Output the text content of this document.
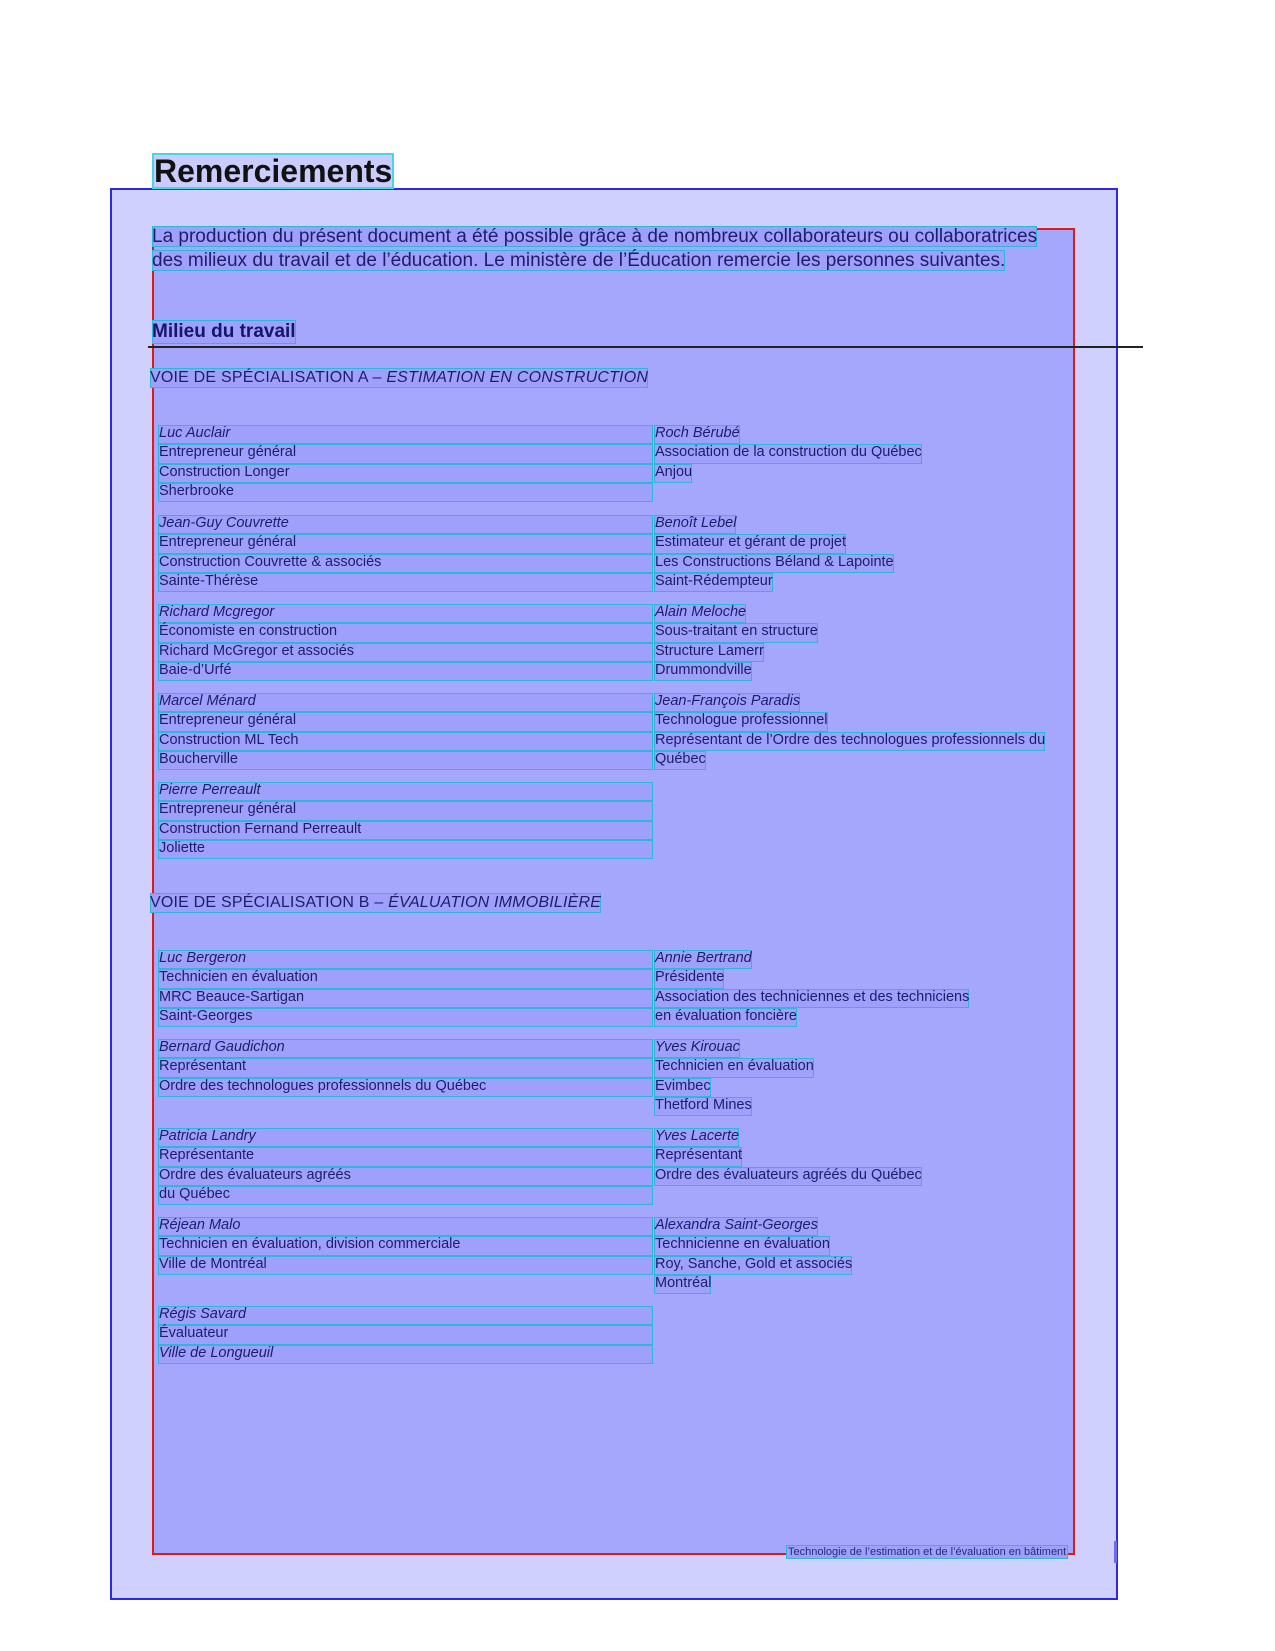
Remerciements
La production du présent document a été possible grâce à de nombreux collaborateurs ou collaboratrices
des milieux du travail et de l’éducation. Le ministère de l’Éducation remercie les personnes suivantes.
Milieu du travail
VOIE DE SPÉCIALISATION A – ESTIMATION EN CONSTRUCTION
Luc Auclair
Entrepreneur général
Construction Longer
Sherbrooke
Jean-Guy Couvrette
Entrepreneur général
Construction Couvrette & associés
Sainte-Thérèse
Richard Mcgregor
Économiste en construction
Richard McGregor et associés
Baie-d’Urfé
Marcel Ménard
Entrepreneur général
Construction ML Tech
Boucherville
Pierre Perreault
Entrepreneur général
Construction Fernand Perreault
Joliette
Roch Bérubé
Association de la construction du Québec
Anjou
Benoît Lebel
Estimateur et gérant de projet
Les Constructions Béland & Lapointe
Saint-Rédempteur
Alain Meloche
Sous-traitant en structure
Structure Lamerr
Drummondville
Jean-François Paradis
Technologue professionnel
Représentant de l’Ordre des technologues professionnels du
Québec
VOIE DE SPÉCIALISATION B – ÉVALUATION IMMOBILIÈRE
Luc Bergeron
Technicien en évaluation
MRC Beauce-Sartigan
Saint-Georges
Bernard Gaudichon
Représentant
Ordre des technologues professionnels du Québec
Patricia Landry
Représentante
Ordre des évaluateurs agréés
du Québec
Réjean Malo
Technicien en évaluation, division commerciale
Ville de Montréal
Régis Savard
Évaluateur
Ville de Longueuil
Annie Bertrand
Présidente
Association des techniciennes et des techniciens
en évaluation foncière
Yves Kirouac
Technicien en évaluation
Evimbec
Thetford Mines
Yves Lacerte
Représentant
Ordre des évaluateurs agréés du Québec
Alexandra Saint-Georges
Technicienne en évaluation
Roy, Sanche, Gold et associés
Montréal
Technologie de l’estimation et de l’évaluation en bâtiment
